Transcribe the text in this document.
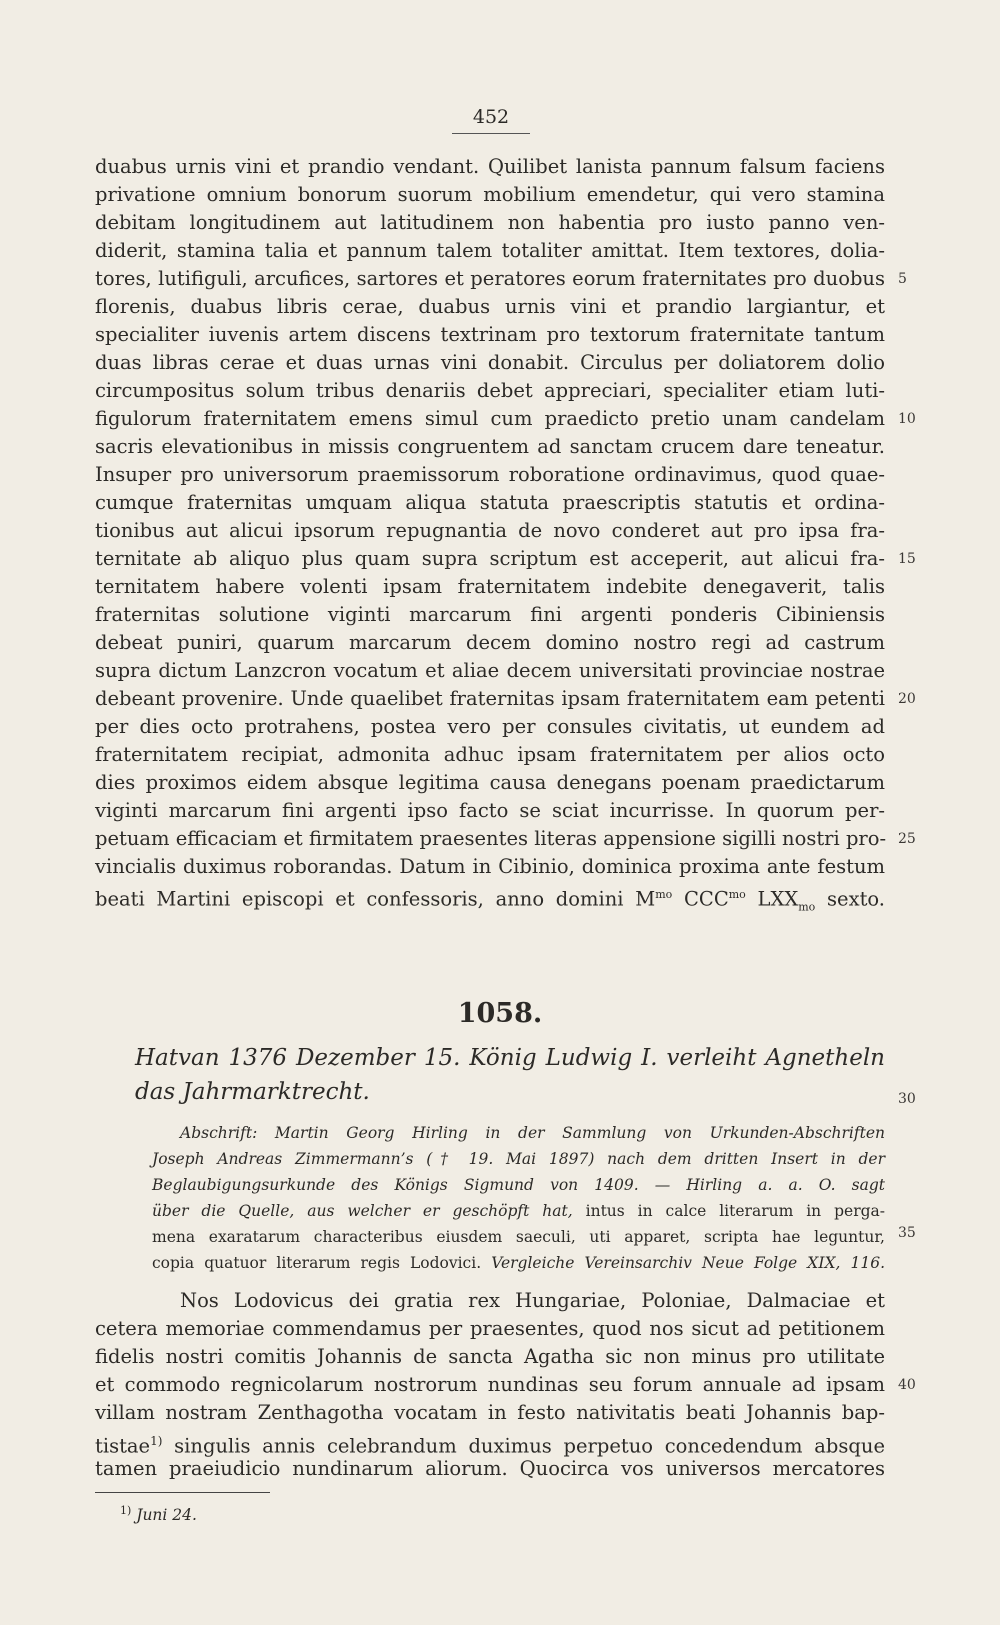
452
duabus urnis vini et prandio vendant. Quilibet lanista pannum falsum faciens
privatione omnium bonorum suorum mobilium emendetur, qui vero stamina
debitam longitudinem aut latitudinem non habentia pro iusto panno ven-
diderit, stamina talia et pannum talem totaliter amittat. Item textores, dolia-
tores, lutifiguli, arcufices, sartores et peratores eorum fraternitates pro duobus
florenis, duabus libris cerae, duabus urnis vini et prandio largiantur, et
specialiter iuvenis artem discens textrinam pro textorum fraternitate tantum
duas libras cerae et duas urnas vini donabit. Circulus per doliatorem dolio
circumpositus solum tribus denariis debet appreciari, specialiter etiam luti-
figulorum fraternitatem emens simul cum praedicto pretio unam candelam
sacris elevationibus in missis congruentem ad sanctam crucem dare teneatur.
Insuper pro universorum praemissorum roboratione ordinavimus, quod quae-
cumque fraternitas umquam aliqua statuta praescriptis statutis et ordina-
tionibus aut alicui ipsorum repugnantia de novo conderet aut pro ipsa fra-
ternitate ab aliquo plus quam supra scriptum est acceperit, aut alicui fra-
ternitatem habere volenti ipsam fraternitatem indebite denegaverit, talis
fraternitas solutione viginti marcarum fini argenti ponderis Cibiniensis
debeat puniri, quarum marcarum decem domino nostro regi ad castrum
supra dictum Lanzcron vocatum et aliae decem universitati provinciae nostrae
debeant provenire. Unde quaelibet fraternitas ipsam fraternitatem eam petenti
per dies octo protrahens, postea vero per consules civitatis, ut eundem ad
fraternitatem recipiat, admonita adhuc ipsam fraternitatem per alios octo
dies proximos eidem absque legitima causa denegans poenam praedictarum
viginti marcarum fini argenti ipso facto se sciat incurrisse. In quorum per-
petuam efficaciam et firmitatem praesentes literas appensione sigilli nostri pro-
vincialis duximus roborandas. Datum in Cibinio, dominica proxima ante festum
beati Martini episcopi et confessoris, anno domini $M^{mo}$ $CCC^{mo}$ $LXX_{mo}$ sexto.
5
10
15
20
25
30
35
40
1058.
Hatvan 1376 Dezember 15. König Ludwig I. verleiht Agnetheln
das Jahrmarktrecht.
Abschrift: Martin Georg Hirling in der Sammlung von Urkunden-Abschriften
Joseph Andreas Zimmermann’s († 19. Mai 1897) nach dem dritten Insert in der
Beglaubigungsurkunde des Königs Sigmund von 1409. — Hirling a. a. O. sagt
über die Quelle, aus welcher er geschöpft hat, intus in calce literarum in perga-
mena exaratarum characteribus eiusdem saeculi, uti apparet, scripta hae leguntur,
copia quatuor literarum regis Lodovici. Vergleiche Vereinsarchiv Neue Folge XIX, 116.
Nos Lodovicus dei gratia rex Hungariae, Poloniae, Dalmaciae et
cetera memoriae commendamus per praesentes, quod nos sicut ad petitionem
fidelis nostri comitis Johannis de sancta Agatha sic non minus pro utilitate
et commodo regnicolarum nostrorum nundinas seu forum annuale ad ipsam
villam nostram Zenthagotha vocatam in festo nativitatis beati Johannis bap-
tistae$^{1)}$ singulis annis celebrandum duximus perpetuo concedendum absque
tamen praeiudicio nundinarum aliorum. Quocirca vos universos mercatores
$^{1)}$ Juni 24.
